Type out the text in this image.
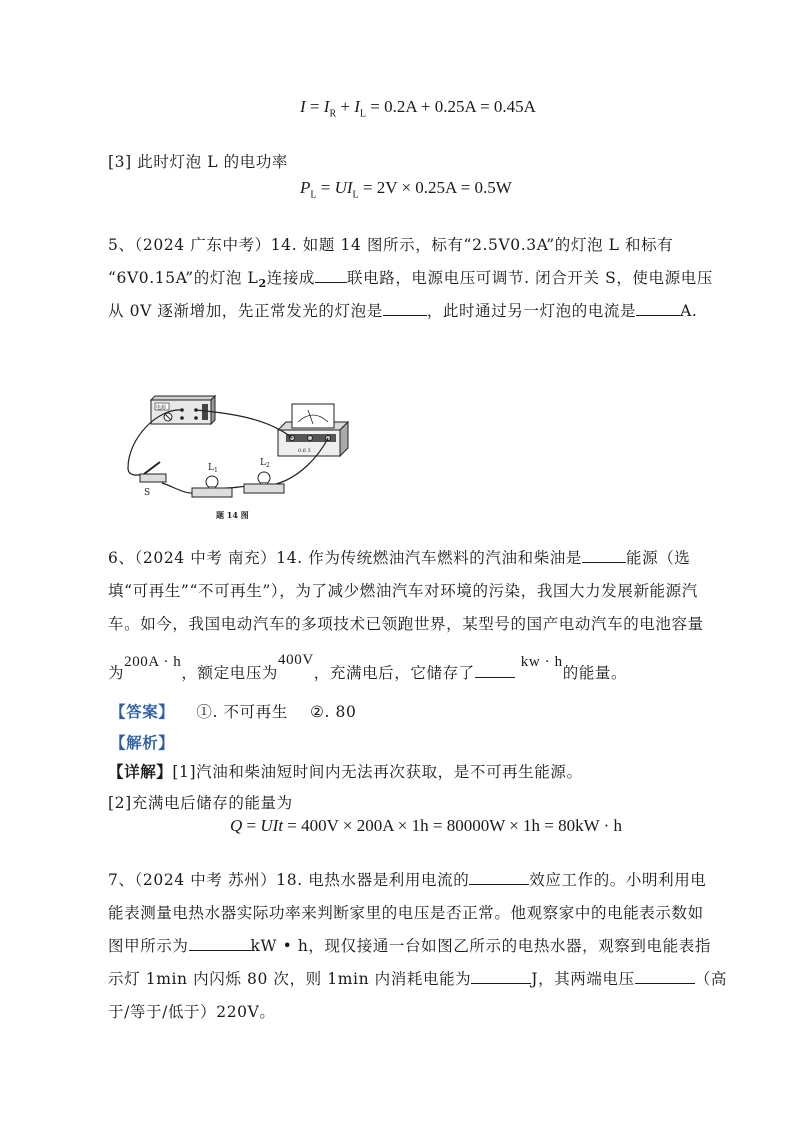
$I = I_R + I_L = 0.2A + 0.25A = 0.45A$
[3] 此时灯泡 L 的电功率
$P_L = UI_L = 2V \times 0.25A = 0.5W$
5、（2024 广东中考）14. 如题 14 图所示，标有“2.5V0.3A”的灯泡 L 和标有
“6V0.15A”的灯泡 $L_2$连接成 联电路，电源电压可调节. 闭合开关 S，使电源电压
从 0V 逐渐增加，先正常发光的灯泡是	，此时通过另一灯泡的电流是	A.
电源
0.6 3
S
$L_1$
$L_2$
题 14 图
6、（2024 中考 南充）14. 作为传统燃油汽车燃料的汽油和柴油是	能源（选
填“可再生”“不可再生”），为了减少燃油汽车对环境的污染，我国大力发展新能源汽
车。如今，我国电动汽车的多项技术已领跑世界，某型号的国产电动汽车的电池容量
为200A · h，额定电压为400V，充满电后，它储存了kw · h的能量。
【答案】 ①. 不可再生 ②. 80
【解析】
【详解】[1]汽油和柴油短时间内无法再次获取，是不可再生能源。
[2]充满电后储存的能量为
Q = UIt = 400V × 200A × 1h = 80000W × 1h = 80kW · h
7、（2024 中考 苏州）18. 电热水器是利用电流的	效应工作的。小明利用电
能表测量电热水器实际功率来判断家里的电压是否正常。他观察家中的电能表示数如
图甲所示为	kW • h，现仅接通一台如图乙所示的电热水器，观察到电能表指
示灯 1min 内闪烁 80 次，则 1min 内消耗电能为	J，其两端电压	（高
于/等于/低于）220V。
